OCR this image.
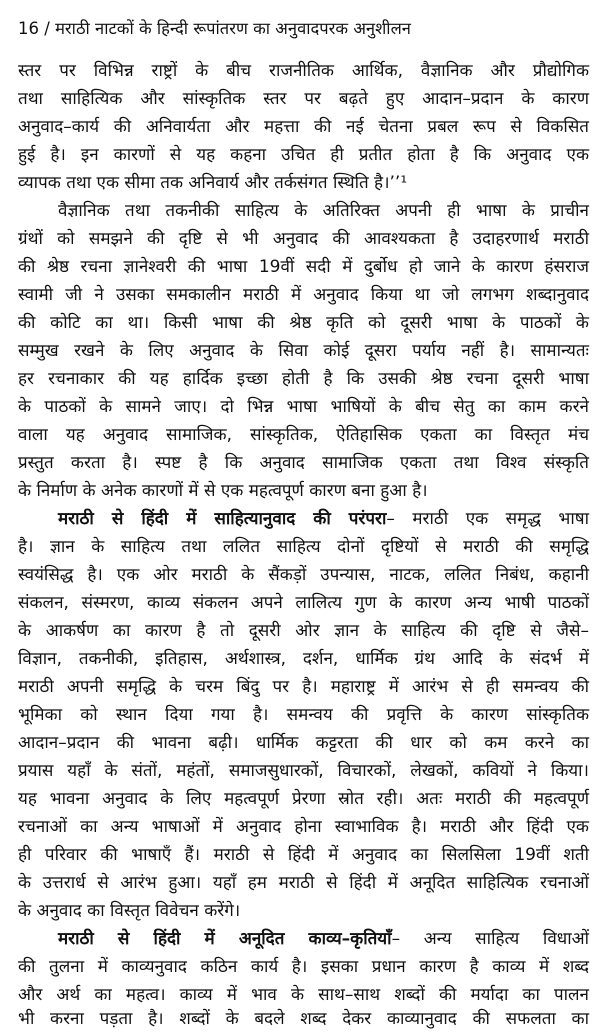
16 / मराठी नाटकों के हिन्दी रूपांतरण का अनुवादपरक अनुशीलन
स्तर पर विभिन्न राष्ट्रों के बीच राजनीतिक आर्थिक, वैज्ञानिक और प्रौद्योगिक
तथा साहित्यिक और सांस्कृतिक स्तर पर बढ़ते हुए आदान–प्रदान के कारण
अनुवाद–कार्य की अनिवार्यता और महत्ता की नई चेतना प्रबल रूप से विकसित
हुई है। इन कारणों से यह कहना उचित ही प्रतीत होता है कि अनुवाद एक
व्यापक तथा एक सीमा तक अनिवार्य और तर्कसंगत स्थिति है।’’¹
वैज्ञानिक तथा तकनीकी साहित्य के अतिरिक्त अपनी ही भाषा के प्राचीन
ग्रंथों को समझने की दृष्टि से भी अनुवाद की आवश्यकता है उदाहरणार्थ मराठी
की श्रेष्ठ रचना ज्ञानेश्वरी की भाषा 19वीं सदी में दुर्बोध हो जाने के कारण हंसराज
स्वामी जी ने उसका समकालीन मराठी में अनुवाद किया था जो लगभग शब्दानुवाद
की कोटि का था। किसी भाषा की श्रेष्ठ कृति को दूसरी भाषा के पाठकों के
सम्मुख रखने के लिए अनुवाद के सिवा कोई दूसरा पर्याय नहीं है। सामान्यतः
हर रचनाकार की यह हार्दिक इच्छा होती है कि उसकी श्रेष्ठ रचना दूसरी भाषा
के पाठकों के सामने जाए। दो भिन्न भाषा भाषियों के बीच सेतु का काम करने
वाला यह अनुवाद सामाजिक, सांस्कृतिक, ऐतिहासिक एकता का विस्तृत मंच
प्रस्तुत करता है। स्पष्ट है कि अनुवाद सामाजिक एकता तथा विश्व संस्कृति
के निर्माण के अनेक कारणों में से एक महत्वपूर्ण कारण बना हुआ है।
मराठी से हिंदी में साहित्यानुवाद की परंपरा– मराठी एक समृद्ध भाषा
है। ज्ञान के साहित्य तथा ललित साहित्य दोनों दृष्टियों से मराठी की समृद्धि
स्वयंसिद्ध है। एक ओर मराठी के सैंकड़ों उपन्यास, नाटक, ललित निबंध, कहानी
संकलन, संस्मरण, काव्य संकलन अपने लालित्य गुण के कारण अन्य भाषी पाठकों
के आकर्षण का कारण है तो दूसरी ओर ज्ञान के साहित्य की दृष्टि से जैसे–
विज्ञान, तकनीकी, इतिहास, अर्थशास्त्र, दर्शन, धार्मिक ग्रंथ आदि के संदर्भ में
मराठी अपनी समृद्धि के चरम बिंदु पर है। महाराष्ट्र में आरंभ से ही समन्वय की
भूमिका को स्थान दिया गया है। समन्वय की प्रवृत्ति के कारण सांस्कृतिक
आदान–प्रदान की भावना बढ़ी। धार्मिक कट्टरता की धार को कम करने का
प्रयास यहाँ के संतों, महंतों, समाजसुधारकों, विचारकों, लेखकों, कवियों ने किया।
यह भावना अनुवाद के लिए महत्वपूर्ण प्रेरणा स्रोत रही। अतः मराठी की महत्वपूर्ण
रचनाओं का अन्य भाषाओं में अनुवाद होना स्वाभाविक है। मराठी और हिंदी एक
ही परिवार की भाषाएँ हैं। मराठी से हिंदी में अनुवाद का सिलसिला 19वीं शती
के उत्तरार्ध से आरंभ हुआ। यहाँ हम मराठी से हिंदी में अनूदित साहित्यिक रचनाओं
के अनुवाद का विस्तृत विवेचन करेंगे।
मराठी से हिंदी में अनूदित काव्य–कृतियाँ– अन्य साहित्य विधाओं
की तुलना में काव्यनुवाद कठिन कार्य है। इसका प्रधान कारण है काव्य में शब्द
और अर्थ का महत्व। काव्य में भाव के साथ–साथ शब्दों की मर्यादा का पालन
भी करना पड़ता है। शब्दों के बदले शब्द देकर काव्यानुवाद की सफलता का
